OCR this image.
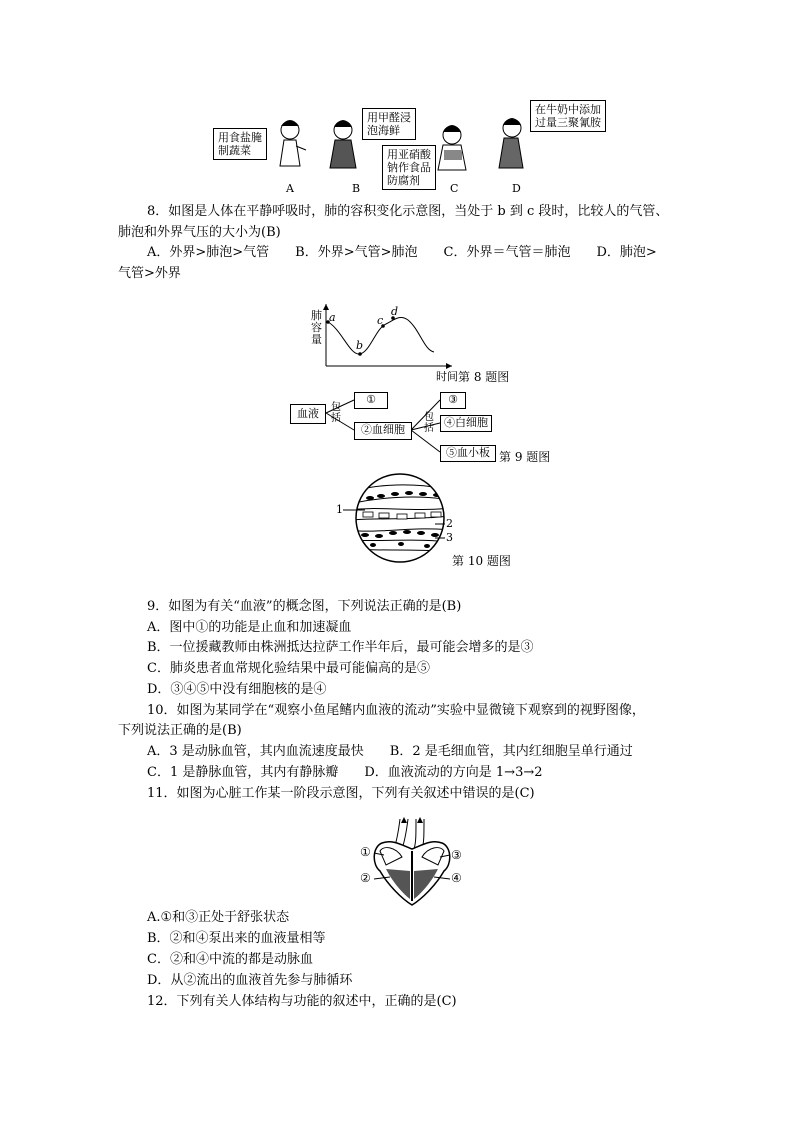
用食盐腌
制蔬菜
用甲醛浸
泡海鲜
用亚硝酸
钠作食品
防腐剂
在牛奶中添加
过量三聚氰胺
A	B	C	D
8．如图是人体在平静呼吸时，肺的容积变化示意图，当处于 b 到 c 段时，比较人的气管、
肺泡和外界气压的大小为(B)
A．外界>肺泡>气管　　B．外界>气管>肺泡　　C．外界＝气管＝肺泡　　D．肺泡>
气管>外界
肺
容
量
a
b
c
d
时间 第 8 题图
血液	包
括
①
②血细胞
包
括
③
④白细胞
⑤血小板 第 9 题图
1
2
3
第 10 题图
9．如图为有关“血液”的概念图，下列说法正确的是(B)
A．图中①的功能是止血和加速凝血
B．一位援藏教师由株洲抵达拉萨工作半年后，最可能会增多的是③
C．肺炎患者血常规化验结果中最可能偏高的是⑤
D．③④⑤中没有细胞核的是④
10．如图为某同学在“观察小鱼尾鳍内血液的流动”实验中显微镜下观察到的视野图像，
下列说法正确的是(B)
A．3 是动脉血管，其内血流速度最快　　B．2 是毛细血管，其内红细胞呈单行通过
C．1 是静脉血管，其内有静脉瓣　　D．血液流动的方向是 1→3→2
11．如图为心脏工作某一阶段示意图，下列有关叙述中错误的是(C)
①
②
③
④
A.①和③正处于舒张状态
B．②和④泵出来的血液量相等
C．②和④中流的都是动脉血
D．从②流出的血液首先参与肺循环
12．下列有关人体结构与功能的叙述中，正确的是(C)
